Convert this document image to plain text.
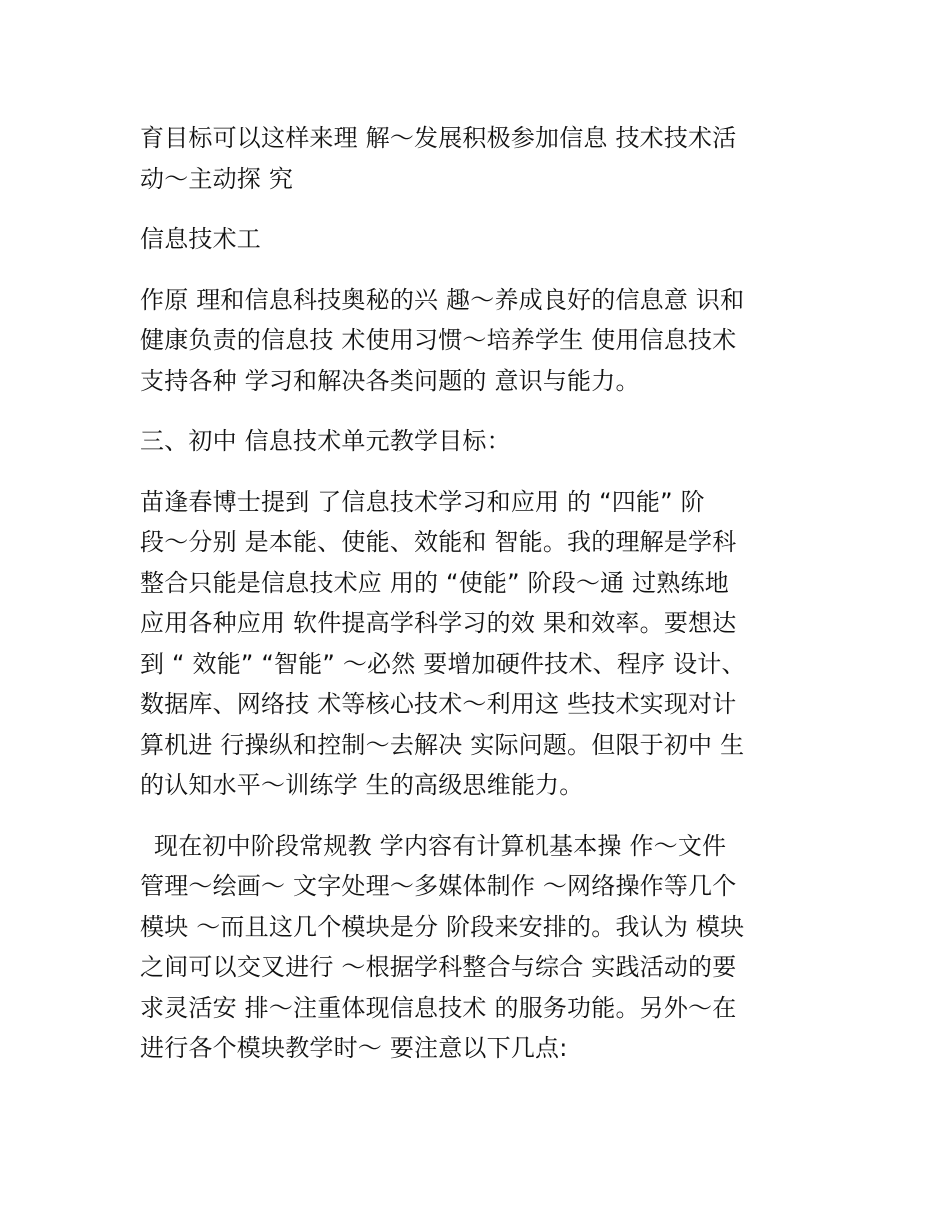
育目标可以这样来理 解～发展积极参加信息 技术技术活
动～主动探 究

信息技术工

作原 理和信息科技奥秘的兴 趣～养成良好的信息意 识和
健康负责的信息技 术使用习惯～培养学生 使用信息技术
支持各种 学习和解决各类问题的 意识与能力。

三、初中 信息技术单元教学目标：

苗逢春博士提到 了信息技术学习和应用 的 “四能” 阶
段～分别 是本能、使能、效能和 智能。我的理解是学科
整合只能是信息技术应 用的 “使能” 阶段～通 过熟练地
应用各种应用 软件提高学科学习的效 果和效率。要想达
到 “ 效能” “智能” ～必然 要增加硬件技术、程序 设计、
数据库、网络技 术等核心技术～利用这 些技术实现对计
算机进 行操纵和控制～去解决 实际问题。但限于初中 生
的认知水平～训练学 生的高级思维能力。

现在初中阶段常规教 学内容有计算机基本操 作～文件
管理～绘画～ 文字处理～多媒体制作 ～网络操作等几个
模块 ～而且这几个模块是分 阶段来安排的。我认为 模块
之间可以交叉进行 ～根据学科整合与综合 实践活动的要
求灵活安 排～注重体现信息技术 的服务功能。另外～在
进行各个模块教学时～ 要注意以下几点:
